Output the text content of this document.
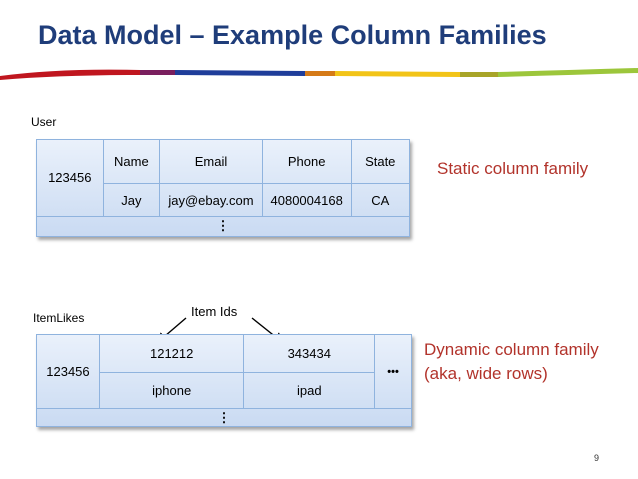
Data Model – Example Column Families
User
123456	Name	Email	Phone	State
	Jay	jay@ebay.com	4080004168	CA
⋮				
Static column family
Item Ids
ItemLikes
123456	121212	343434	•••
	iphone	ipad	
⋮			
Dynamic column family
(aka, wide rows)
9
